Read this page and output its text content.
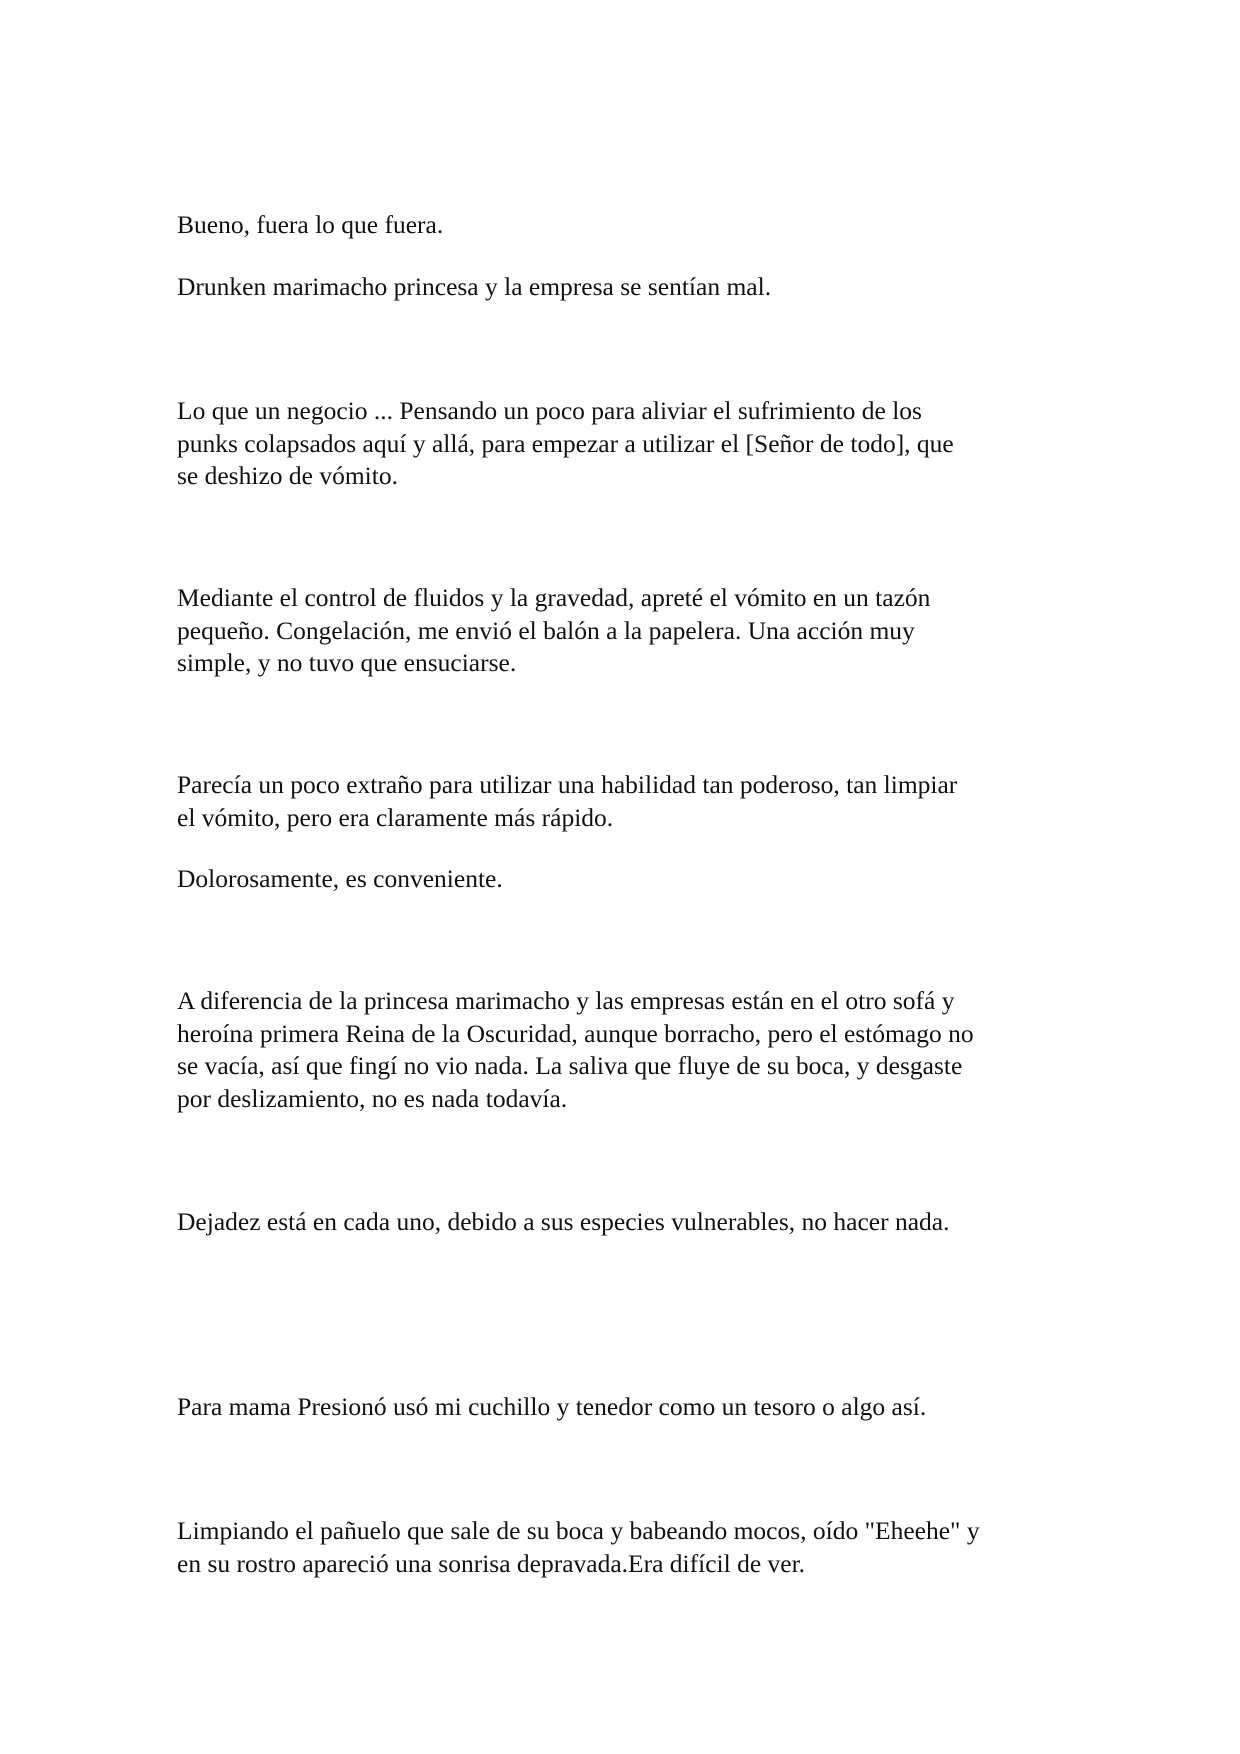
Bueno, fuera lo que fuera.

Drunken marimacho princesa y la empresa se sentían mal.

Lo que un negocio ... Pensando un poco para aliviar el sufrimiento de los
punks colapsados aquí y allá, para empezar a utilizar el [Señor de todo], que
se deshizo de vómito.

Mediante el control de fluidos y la gravedad, apreté el vómito en un tazón
pequeño. Congelación, me envió el balón a la papelera. Una acción muy
simple, y no tuvo que ensuciarse.

Parecía un poco extraño para utilizar una habilidad tan poderoso, tan limpiar
el vómito, pero era claramente más rápido.

Dolorosamente, es conveniente.

A diferencia de la princesa marimacho y las empresas están en el otro sofá y
heroína primera Reina de la Oscuridad, aunque borracho, pero el estómago no
se vacía, así que fingí no vio nada. La saliva que fluye de su boca, y desgaste
por deslizamiento, no es nada todavía.

Dejadez está en cada uno, debido a sus especies vulnerables, no hacer nada.

Para mama Presionó usó mi cuchillo y tenedor como un tesoro o algo así.

Limpiando el pañuelo que sale de su boca y babeando mocos, oído "Eheehe" y
en su rostro apareció una sonrisa depravada.Era difícil de ver.
